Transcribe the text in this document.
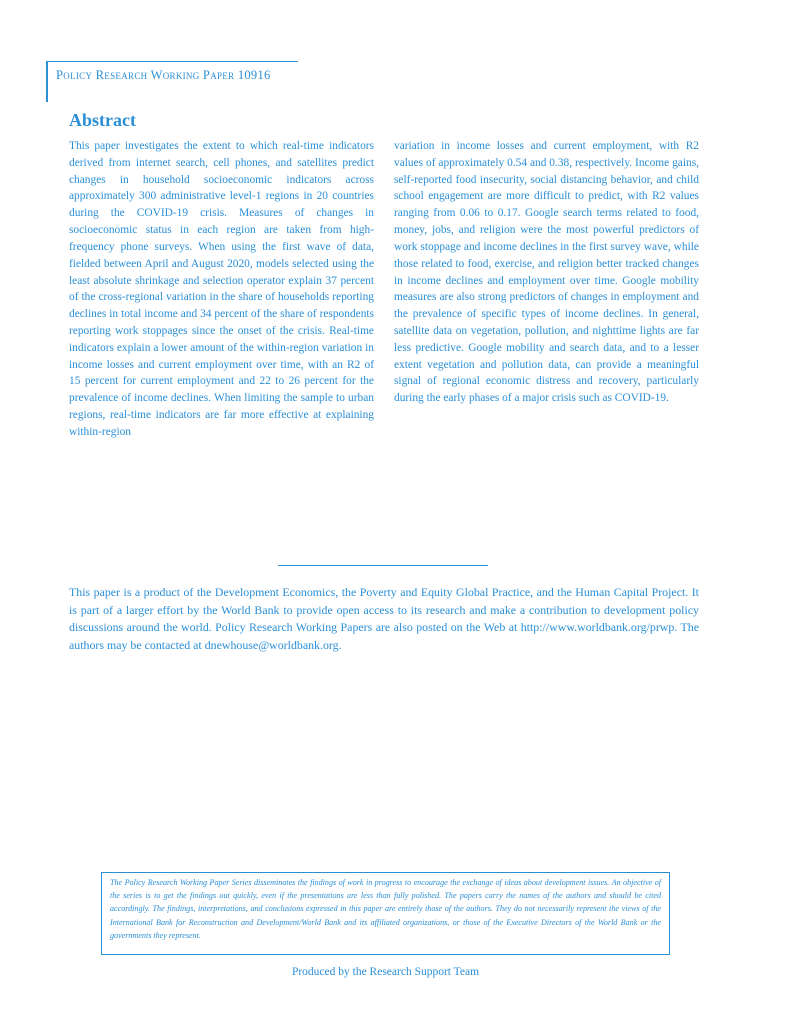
Policy Research Working Paper 10916
Abstract
This paper investigates the extent to which real-time indicators derived from internet search, cell phones, and satellites predict changes in household socioeconomic indicators across approximately 300 administrative level-1 regions in 20 countries during the COVID-19 crisis. Measures of changes in socioeconomic status in each region are taken from high-frequency phone surveys. When using the first wave of data, fielded between April and August 2020, models selected using the least absolute shrinkage and selection operator explain 37 percent of the cross-regional variation in the share of households reporting declines in total income and 34 percent of the share of respondents reporting work stoppages since the onset of the crisis. Real-time indicators explain a lower amount of the within-region variation in income losses and current employment over time, with an R2 of 15 percent for current employment and 22 to 26 percent for the prevalence of income declines. When limiting the sample to urban regions, real-time indicators are far more effective at explaining within-region
variation in income losses and current employment, with R2 values of approximately 0.54 and 0.38, respectively. Income gains, self-reported food insecurity, social distancing behavior, and child school engagement are more difficult to predict, with R2 values ranging from 0.06 to 0.17. Google search terms related to food, money, jobs, and religion were the most powerful predictors of work stoppage and income declines in the first survey wave, while those related to food, exercise, and religion better tracked changes in income declines and employment over time. Google mobility measures are also strong predictors of changes in employment and the prevalence of specific types of income declines. In general, satellite data on vegetation, pollution, and nighttime lights are far less predictive. Google mobility and search data, and to a lesser extent vegetation and pollution data, can provide a meaningful signal of regional economic distress and recovery, particularly during the early phases of a major crisis such as COVID-19.
This paper is a product of the Development Economics, the Poverty and Equity Global Practice, and the Human Capital Project. It is part of a larger effort by the World Bank to provide open access to its research and make a contribution to development policy discussions around the world. Policy Research Working Papers are also posted on the Web at http://www.worldbank.org/prwp. The authors may be contacted at dnewhouse@worldbank.org.
The Policy Research Working Paper Series disseminates the findings of work in progress to encourage the exchange of ideas about development issues. An objective of the series is to get the findings out quickly, even if the presentations are less than fully polished. The papers carry the names of the authors and should be cited accordingly. The findings, interpretations, and conclusions expressed in this paper are entirely those of the authors. They do not necessarily represent the views of the International Bank for Reconstruction and Development/World Bank and its affiliated organizations, or those of the Executive Directors of the World Bank or the governments they represent.
Produced by the Research Support Team
